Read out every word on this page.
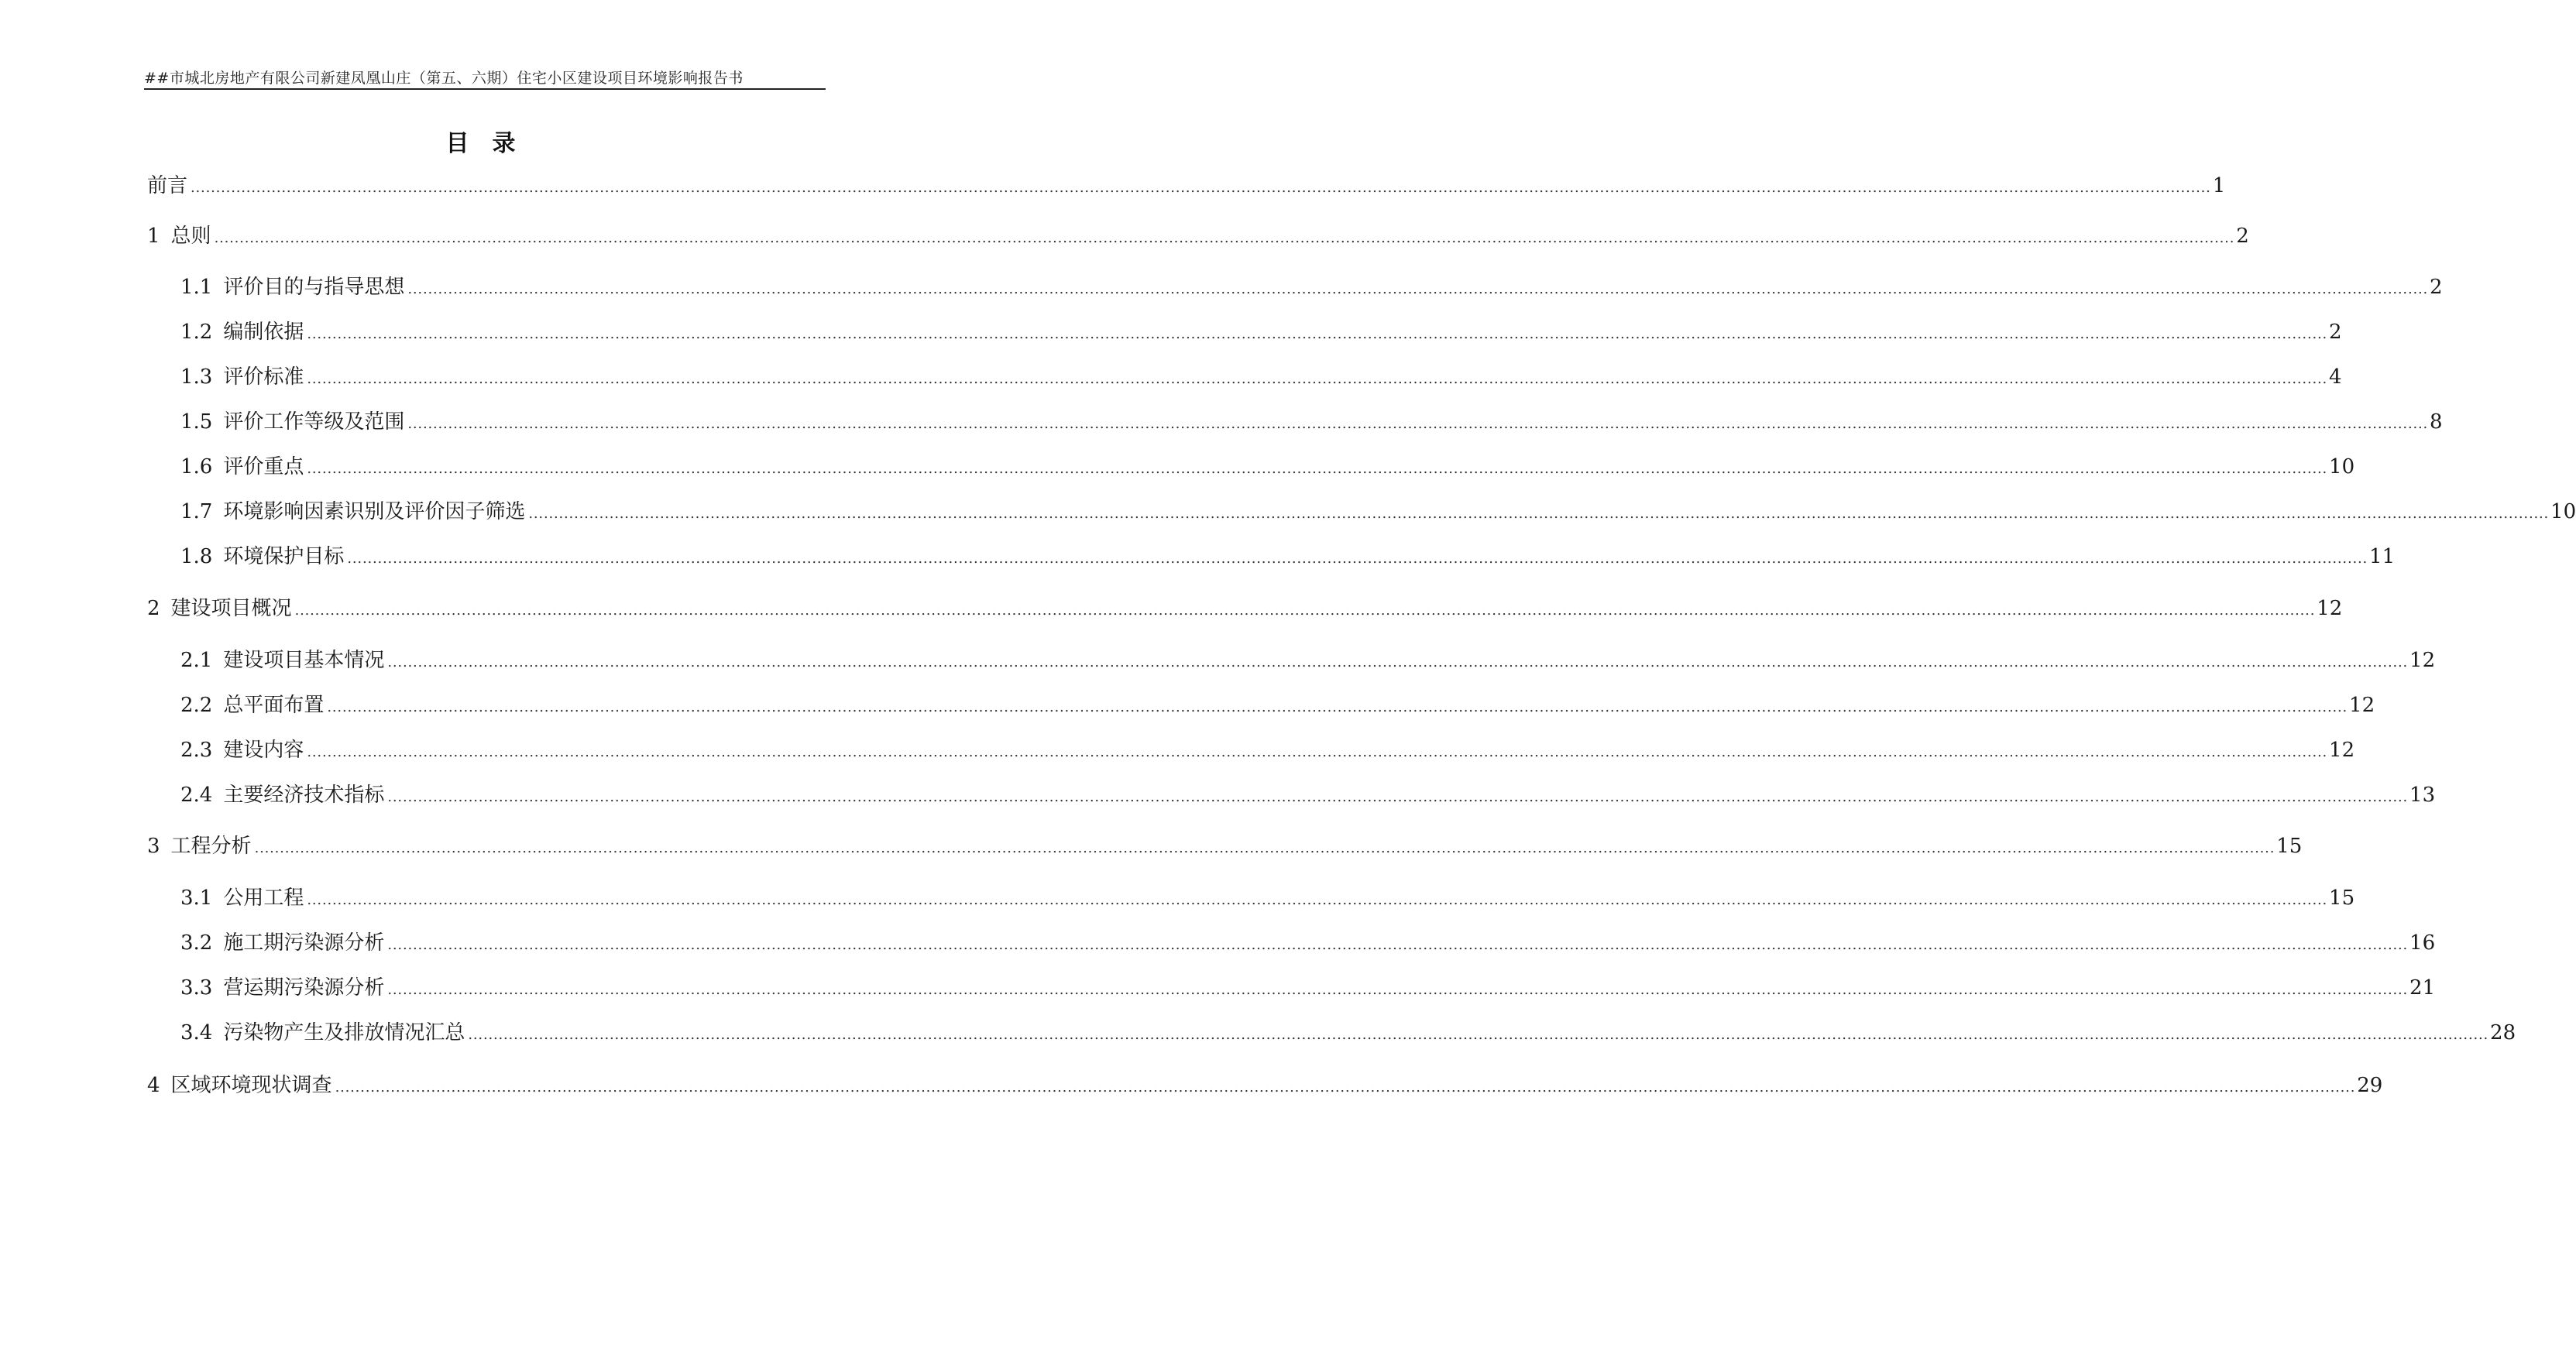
##市城北房地产有限公司新建凤凰山庄（第五、六期）住宅小区建设项目环境影响报告书
目录
前言 ................................................................................................................................................................................................................................................................................................................................................................................................................ 1
1 总则 ................................................................................................................................................................................................................................................................................................................................................................................................................ 2
1.1 评价目的与指导思想 ................................................................................................................................................................................................................................................................................................................................................................................................................ 2
1.2 编制依据 ................................................................................................................................................................................................................................................................................................................................................................................................................ 2
1.3 评价标准 ................................................................................................................................................................................................................................................................................................................................................................................................................ 4
1.5 评价工作等级及范围 ................................................................................................................................................................................................................................................................................................................................................................................................................ 8
1.6 评价重点 ................................................................................................................................................................................................................................................................................................................................................................................................................ 10
1.7 环境影响因素识别及评价因子筛选 ................................................................................................................................................................................................................................................................................................................................................................................................................ 10
1.8 环境保护目标 ................................................................................................................................................................................................................................................................................................................................................................................................................ 11
2 建设项目概况 ................................................................................................................................................................................................................................................................................................................................................................................................................ 12
2.1 建设项目基本情况 ................................................................................................................................................................................................................................................................................................................................................................................................................ 12
2.2 总平面布置 ................................................................................................................................................................................................................................................................................................................................................................................................................ 12
2.3 建设内容 ................................................................................................................................................................................................................................................................................................................................................................................................................ 12
2.4 主要经济技术指标 ................................................................................................................................................................................................................................................................................................................................................................................................................ 13
3 工程分析 ................................................................................................................................................................................................................................................................................................................................................................................................................ 15
3.1 公用工程 ................................................................................................................................................................................................................................................................................................................................................................................................................ 15
3.2 施工期污染源分析 ................................................................................................................................................................................................................................................................................................................................................................................................................ 16
3.3 营运期污染源分析 ................................................................................................................................................................................................................................................................................................................................................................................................................ 21
3.4 污染物产生及排放情况汇总 ................................................................................................................................................................................................................................................................................................................................................................................................................ 28
4 区域环境现状调查 ................................................................................................................................................................................................................................................................................................................................................................................................................ 29
